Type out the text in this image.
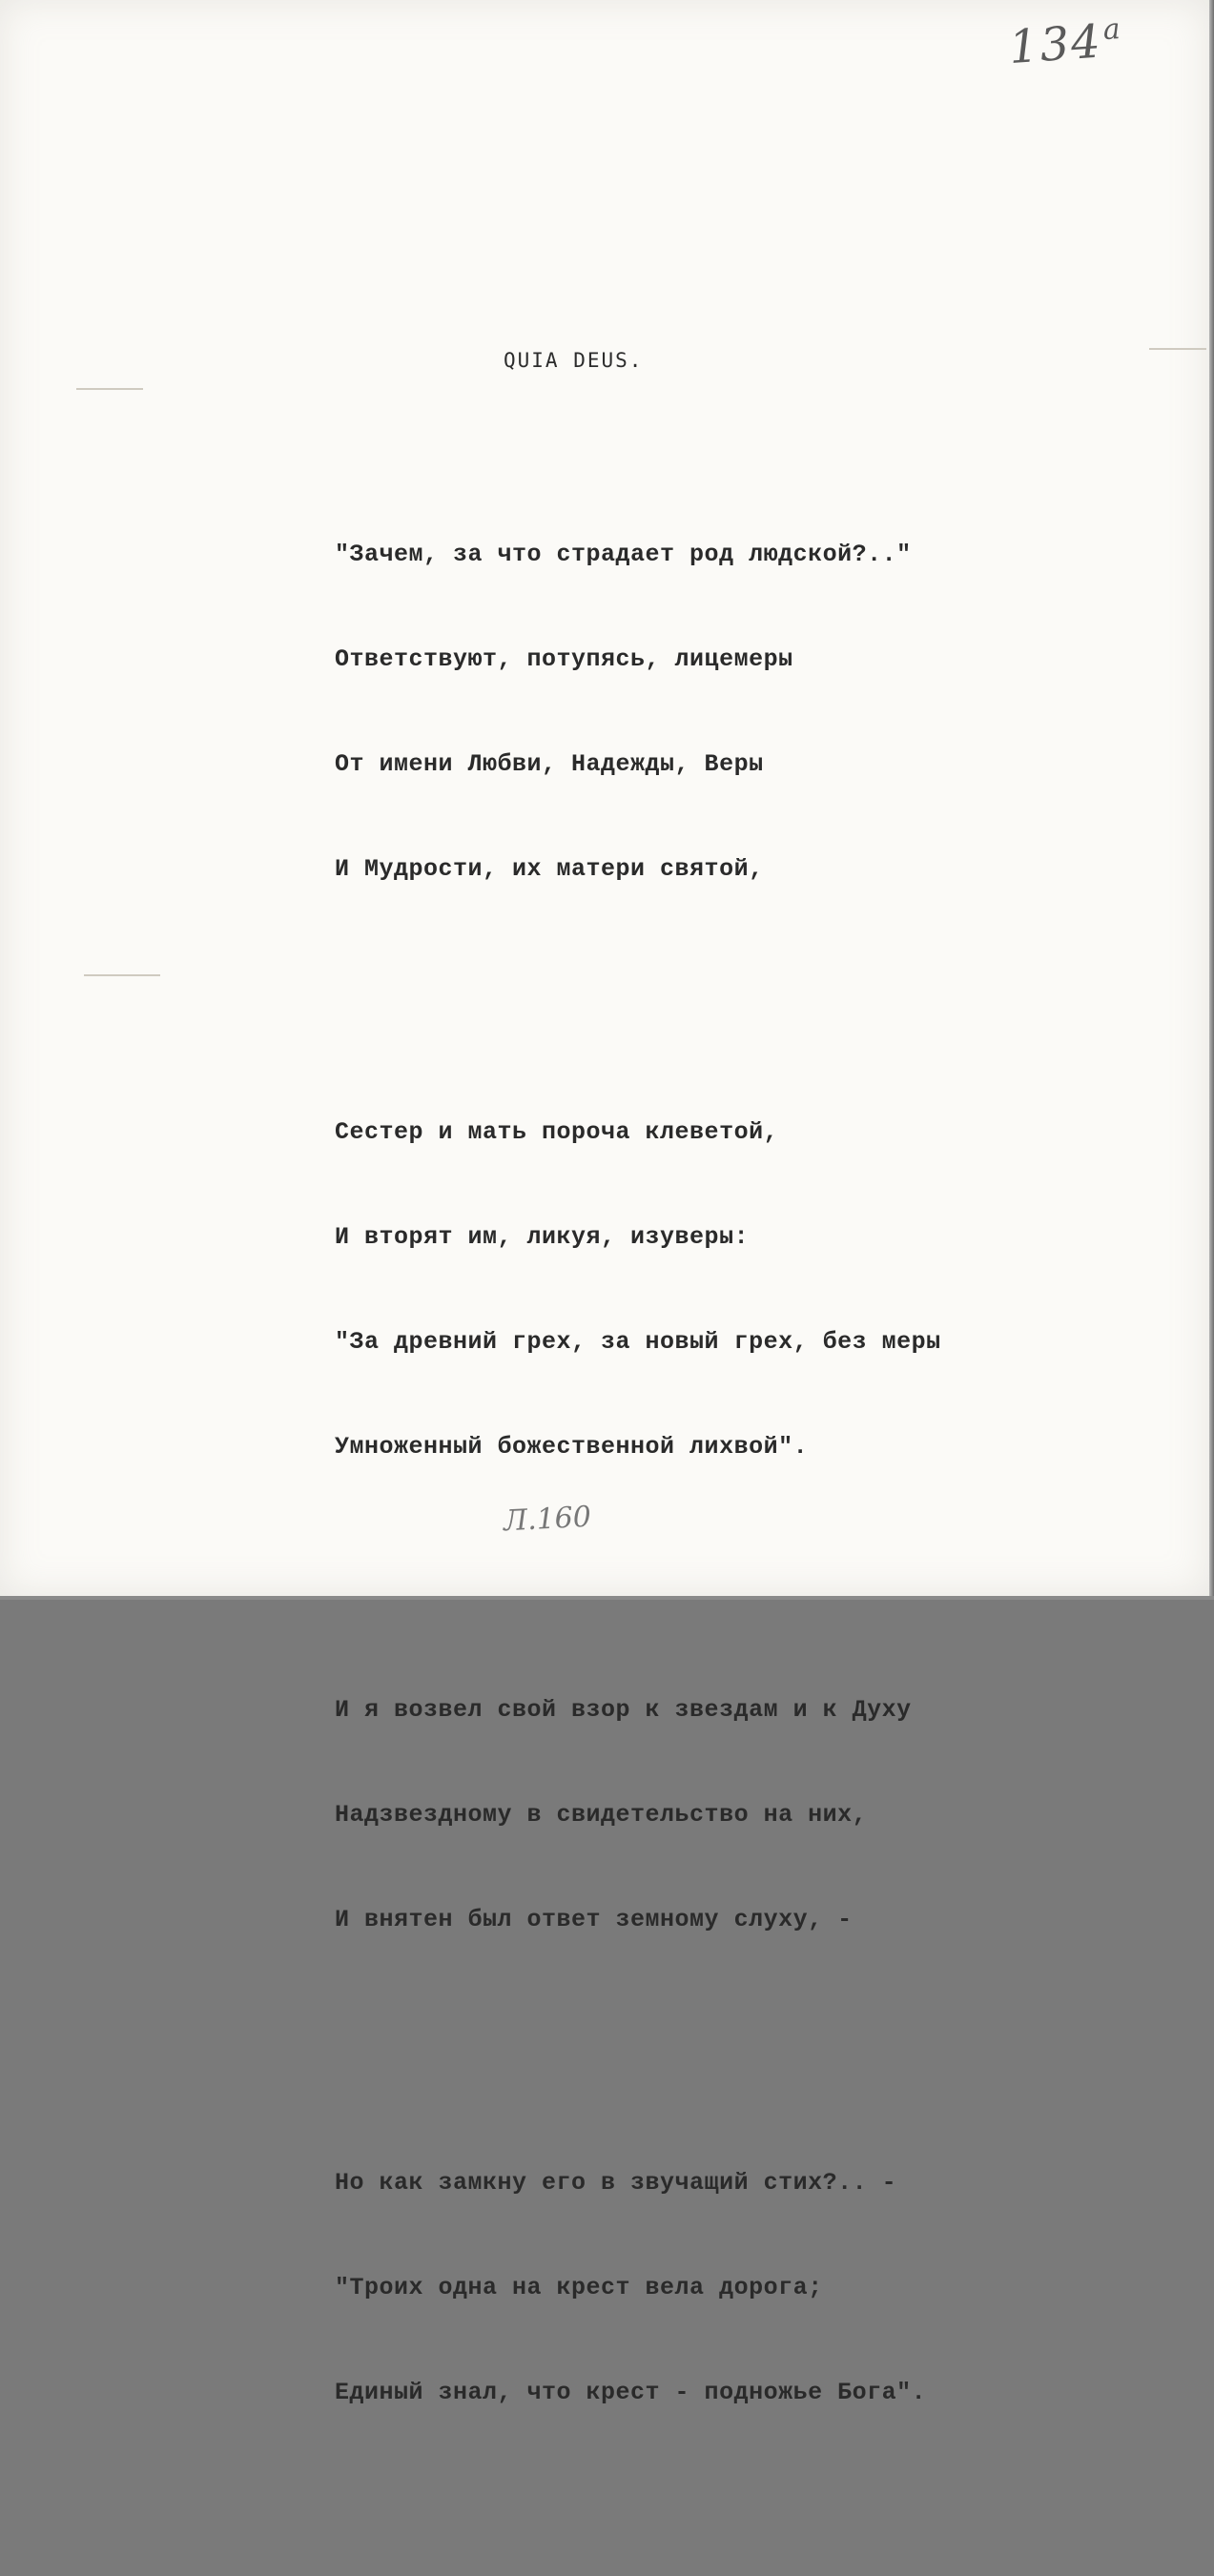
134$^a$
QUIA DEUS.

"Зачем, за что страдает род людской?.."

Ответствуют, потупясь, лицемеры

От имени Любви, Надежды, Веры

И Мудрости, их матери святой,

Сестер и мать пороча клеветой,

И вторят им, ликуя, изуверы:

"За древний грех, за новый грех, без меры

Умноженный божественной лихвой".

И я возвел свой взор к звездам и к Духу

Надзвездному в свидетельство на них,

И внятен был ответ земному слуху, -

Но как замкну его в звучащий стих?.. -

"Троих одна на крест вела дорога;

Единый знал, что крест - подножье Бога".

Л.160
